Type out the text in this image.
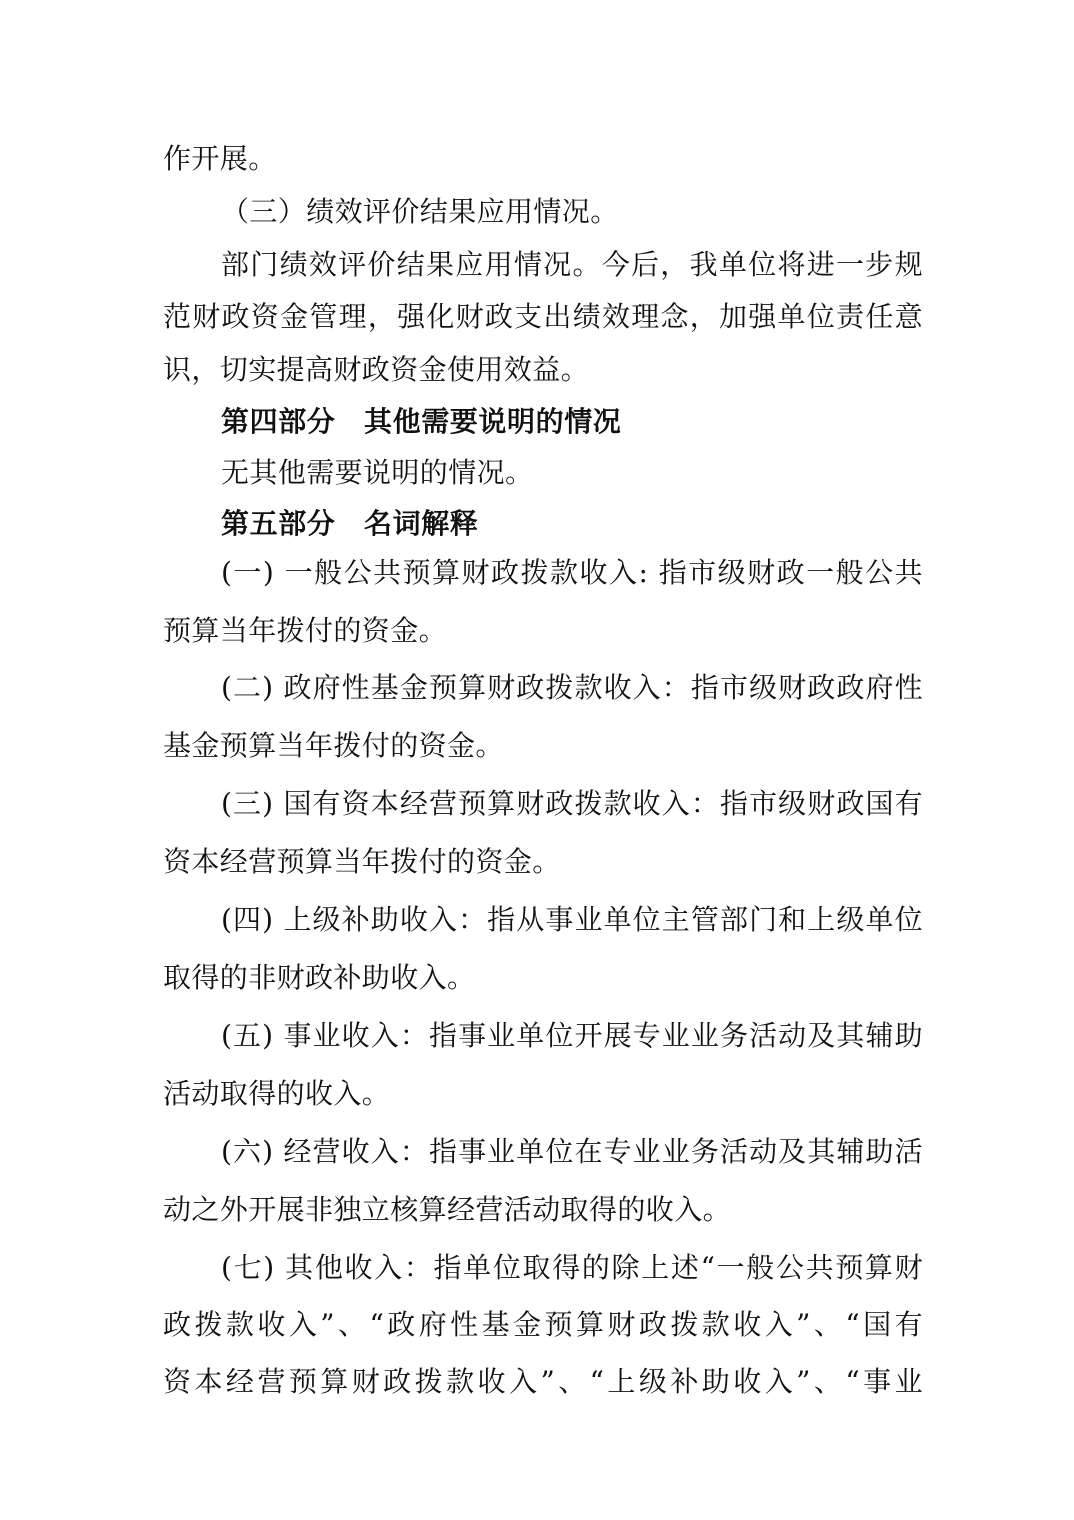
作开展。
（三）绩效评价结果应用情况。
部门绩效评价结果应用情况。今后，我单位将进一步规
范财政资金管理，强化财政支出绩效理念，加强单位责任意
识，切实提高财政资金使用效益。
第四部分　其他需要说明的情况
无其他需要说明的情况。
第五部分　名词解释
(一) 一般公共预算财政拨款收入: 指市级财政一般公共
预算当年拨付的资金。
(二) 政府性基金预算财政拨款收入：指市级财政政府性
基金预算当年拨付的资金。
(三) 国有资本经营预算财政拨款收入：指市级财政国有
资本经营预算当年拨付的资金。
(四) 上级补助收入：指从事业单位主管部门和上级单位
取得的非财政补助收入。
(五) 事业收入：指事业单位开展专业业务活动及其辅助
活动取得的收入。
(六) 经营收入：指事业单位在专业业务活动及其辅助活
动之外开展非独立核算经营活动取得的收入。
(七) 其他收入：指单位取得的除上述“一般公共预算财
政拨款收入”、“政府性基金预算财政拨款收入”、“国有
资本经营预算财政拨款收入”、“上级补助收入”、“事业
